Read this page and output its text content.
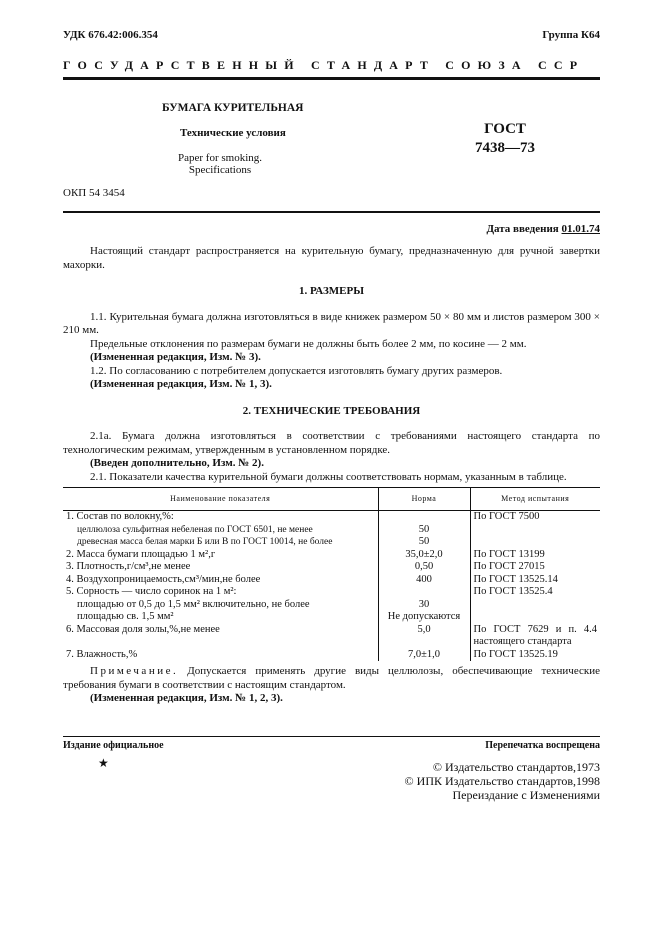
УДК 676.42:006.354	Группа К64
ГОСУДАРСТВЕННЫЙ СТАНДАРТ СОЮЗА ССР
БУМАГА КУРИТЕЛЬНАЯ
Технические условия
Paper for smoking.
Specifications
ГОСТ
7438—73
ОКП 54 3454
Дата введения 01.01.74

Настоящий стандарт распространяется на курительную бумагу, предназначенную для ручной завертки махорки.

1. РАЗМЕРЫ

1.1. Курительная бумага должна изготовляться в виде книжек размером 50 × 80 мм и листов размером 300 × 210 мм.

Предельные отклонения по размерам бумаги не должны быть более 2 мм, по косине — 2 мм.

(Измененная редакция, Изм. № 3).

1.2. По согласованию с потребителем допускается изготовлять бумагу других размеров.

(Измененная редакция, Изм. № 1, 3).

2. ТЕХНИЧЕСКИЕ ТРЕБОВАНИЯ

2.1а. Бумага должна изготовляться в соответствии с требованиями настоящего стандарта по технологическим режимам, утвержденным в установленном порядке.

(Введен дополнительно, Изм. № 2).

2.1. Показатели качества курительной бумаги должны соответствовать нормам, указанным в таблице.

Наименование показателя	Норма	Метод испытания
1. Состав по волокну,%:		По ГОСТ 7500
целлюлоза сульфитная небеленая по ГОСТ 6501, не менее	50	
древесная масса белая марки Б или В по ГОСТ 10014, не более	50	
2. Масса бумаги площадью 1 м²,г	35,0±2,0	По ГОСТ 13199
3. Плотность,г/см³,не менее	0,50	По ГОСТ 27015
4. Воздухопроницаемость,см³/мин,не более	400	По ГОСТ 13525.14
5. Сорность — число соринок на 1 м²:		По ГОСТ 13525.4
площадью от 0,5 до 1,5 мм² включительно, не более	30	
площадью св. 1,5 мм²	Не допускаются	
6. Массовая доля золы,%,не менее	5,0	По ГОСТ 7629 и п. 4.4 настоящего стандарта
7. Влажность,%	7,0±1,0	По ГОСТ 13525.19

Примечание. Допускается применять другие виды целлюлозы, обеспечивающие технические требования бумаги в соответствии с настоящим стандартом.

(Измененная редакция, Изм. № 1, 2, 3).

Издание официальное	Перепечатка воспрещена
★	© Издательство стандартов,1973
© ИПК Издательство стандартов,1998
Переиздание с Изменениями
